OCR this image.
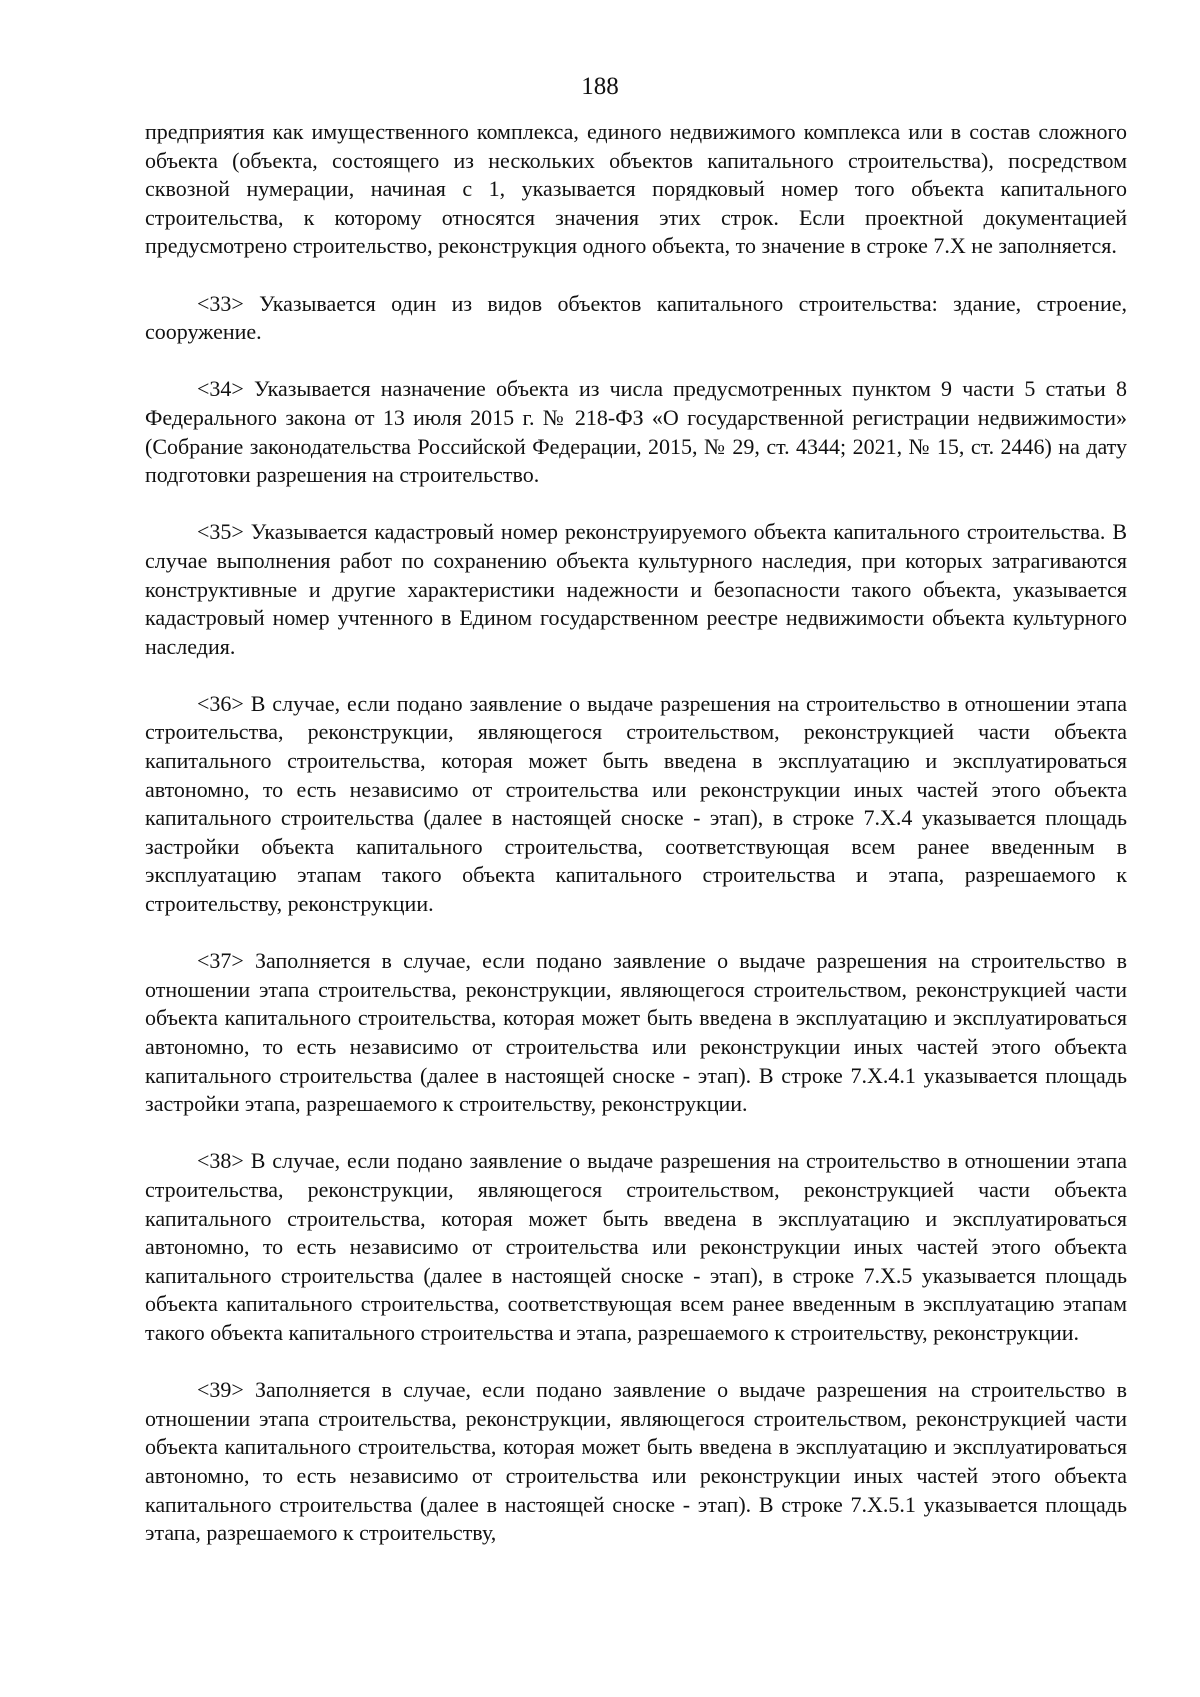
188

предприятия как имущественного комплекса, единого недвижимого комплекса или в состав сложного объекта (объекта, состоящего из нескольких объектов капитального строительства), посредством сквозной нумерации, начиная с 1, указывается порядковый номер того объекта капитального строительства, к которому относятся значения этих строк. Если проектной документацией предусмотрено строительство, реконструкция одного объекта, то значение в строке 7.X не заполняется.

<33> Указывается один из видов объектов капитального строительства: здание, строение, сооружение.

<34> Указывается назначение объекта из числа предусмотренных пунктом 9 части 5 статьи 8 Федерального закона от 13 июля 2015 г. № 218-ФЗ «О государственной регистрации недвижимости» (Собрание законодательства Российской Федерации, 2015, № 29, ст. 4344; 2021, № 15, ст. 2446) на дату подготовки разрешения на строительство.

<35> Указывается кадастровый номер реконструируемого объекта капитального строительства. В случае выполнения работ по сохранению объекта культурного наследия, при которых затрагиваются конструктивные и другие характеристики надежности и безопасности такого объекта, указывается кадастровый номер учтенного в Едином государственном реестре недвижимости объекта культурного наследия.

<36> В случае, если подано заявление о выдаче разрешения на строительство в отношении этапа строительства, реконструкции, являющегося строительством, реконструкцией части объекта капитального строительства, которая может быть введена в эксплуатацию и эксплуатироваться автономно, то есть независимо от строительства или реконструкции иных частей этого объекта капитального строительства (далее в настоящей сноске - этап), в строке 7.X.4 указывается площадь застройки объекта капитального строительства, соответствующая всем ранее введенным в эксплуатацию этапам такого объекта капитального строительства и этапа, разрешаемого к строительству, реконструкции.

<37> Заполняется в случае, если подано заявление о выдаче разрешения на строительство в отношении этапа строительства, реконструкции, являющегося строительством, реконструкцией части объекта капитального строительства, которая может быть введена в эксплуатацию и эксплуатироваться автономно, то есть независимо от строительства или реконструкции иных частей этого объекта капитального строительства (далее в настоящей сноске - этап). В строке 7.X.4.1 указывается площадь застройки этапа, разрешаемого к строительству, реконструкции.

<38> В случае, если подано заявление о выдаче разрешения на строительство в отношении этапа строительства, реконструкции, являющегося строительством, реконструкцией части объекта капитального строительства, которая может быть введена в эксплуатацию и эксплуатироваться автономно, то есть независимо от строительства или реконструкции иных частей этого объекта капитального строительства (далее в настоящей сноске - этап), в строке 7.X.5 указывается площадь объекта капитального строительства, соответствующая всем ранее введенным в эксплуатацию этапам такого объекта капитального строительства и этапа, разрешаемого к строительству, реконструкции.

<39> Заполняется в случае, если подано заявление о выдаче разрешения на строительство в отношении этапа строительства, реконструкции, являющегося строительством, реконструкцией части объекта капитального строительства, которая может быть введена в эксплуатацию и эксплуатироваться автономно, то есть независимо от строительства или реконструкции иных частей этого объекта капитального строительства (далее в настоящей сноске - этап). В строке 7.X.5.1 указывается площадь этапа, разрешаемого к строительству,
